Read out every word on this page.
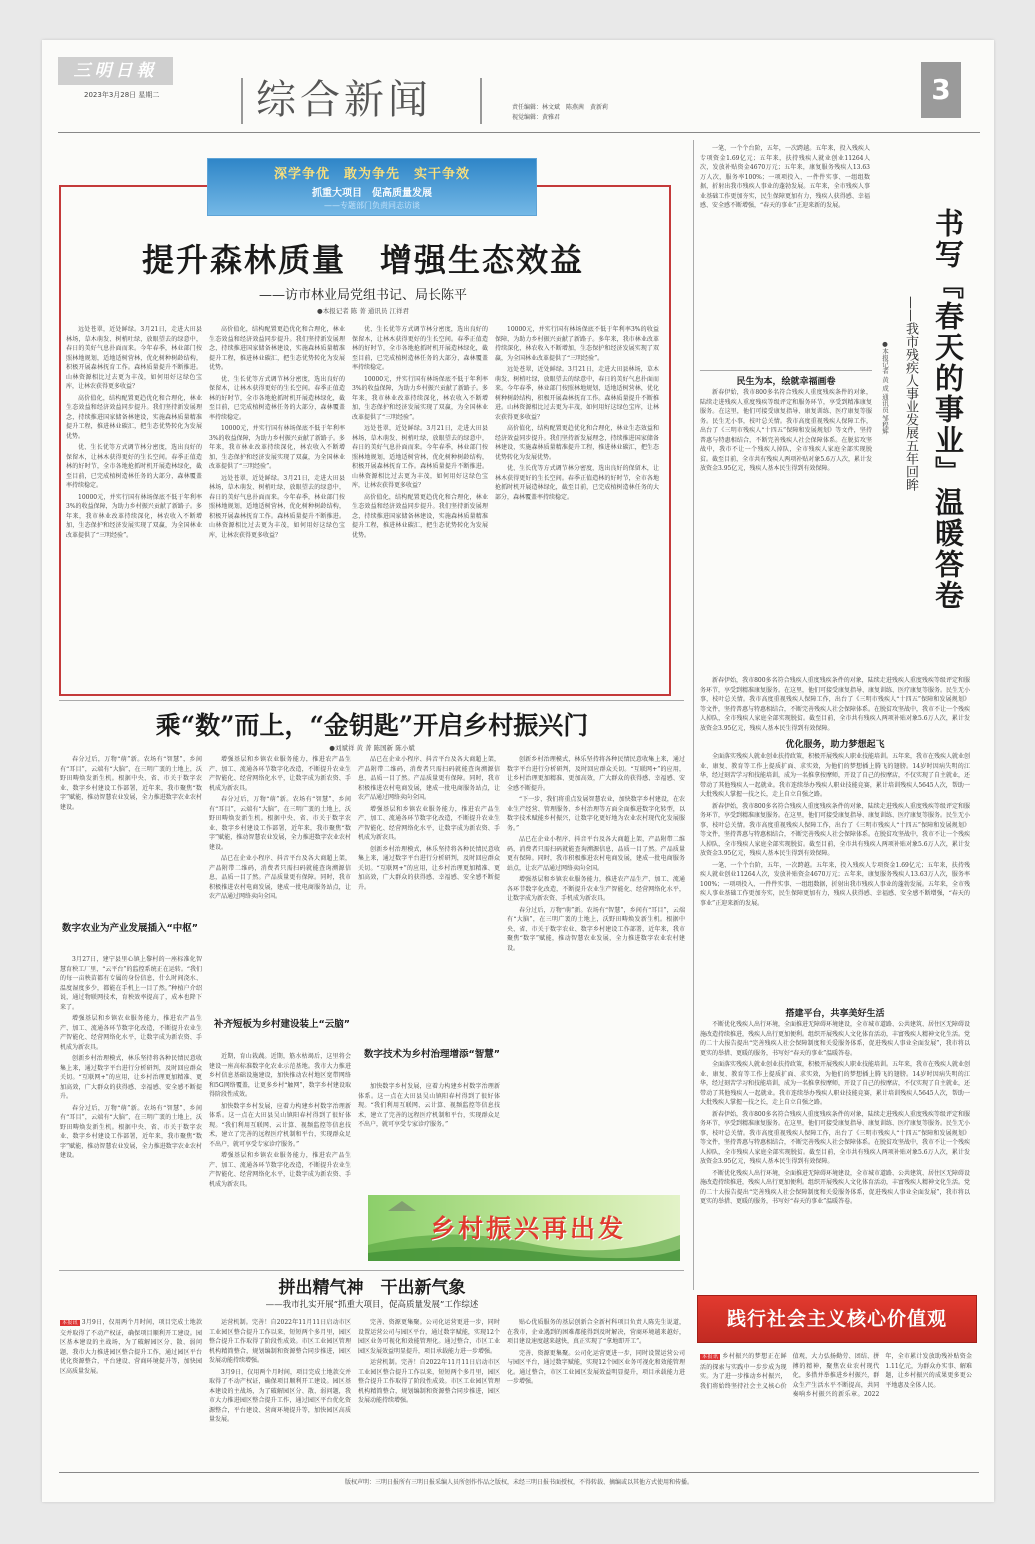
三明日報
2023年3月28日 星期二 综合新闻	责任编辑：林文斌　陈燕茜　黄新莉
视觉编辑：黄雅君
3
深学争优　敢为争先　实干争效
抓重大项目　促高质量发展
——专题部门负责同志访谈
提升森林质量　增强生态效益
——访市林业局党组书记、局长陈平
●本报记者 陈 菁 通讯员 江祥君

远处苍翠，近处鲜绿。3月21日，走进大田县林场，草木萌发、树梢吐绿，放眼望去的绿意中，春日的美好气息扑面而来。今年春季，林业部门按照林地规划，适地适树营林，优化树种树龄结构，积极开展森林抚育工作。森林质量提升不断推进。山林资源相比过去更为丰茂，如何用好这绿色宝库，让林农获得更多收益？

高价值化，结构配置更趋优化和合理化，林业生态效益和经济效益同步提升。我们坚持新发展理念，持续推进国家储备林建设，实施森林质量精准提升工程，推进林业碳汇，把生态优势转化为发展优势。

优、生长优等方式调节林分密度，选出良好的保留木，让林木获得更好的生长空间。春季正值造林的好时节，全市各地抢抓时机开展造林绿化，截至目前，已完成植树造林任务的大部分，森林覆盖率持续稳定。

10000元，并实行国有林场保底不低于年利率3%的收益保障，为助力乡村振兴贡献了新路子。多年来，我市林业改革持续深化，林农收入不断增加，生态保护和经济发展实现了双赢，为全国林业改革提供了“三明经验”。

高价值化，结构配置更趋优化和合理化，林业生态效益和经济效益同步提升。我们坚持新发展理念，持续推进国家储备林建设，实施森林质量精准提升工程，推进林业碳汇，把生态优势转化为发展优势。

优、生长优等方式调节林分密度，选出良好的保留木，让林木获得更好的生长空间。春季正值造林的好时节，全市各地抢抓时机开展造林绿化，截至目前，已完成植树造林任务的大部分，森林覆盖率持续稳定。

10000元，并实行国有林场保底不低于年利率3%的收益保障，为助力乡村振兴贡献了新路子。多年来，我市林业改革持续深化，林农收入不断增加，生态保护和经济发展实现了双赢，为全国林业改革提供了“三明经验”。

远处苍翠，近处鲜绿。3月21日，走进大田县林场，草木萌发、树梢吐绿，放眼望去的绿意中，春日的美好气息扑面而来。今年春季，林业部门按照林地规划，适地适树营林，优化树种树龄结构，积极开展森林抚育工作。森林质量提升不断推进。山林资源相比过去更为丰茂，如何用好这绿色宝库，让林农获得更多收益？

优、生长优等方式调节林分密度，选出良好的保留木，让林木获得更好的生长空间。春季正值造林的好时节，全市各地抢抓时机开展造林绿化，截至目前，已完成植树造林任务的大部分，森林覆盖率持续稳定。

10000元，并实行国有林场保底不低于年利率3%的收益保障，为助力乡村振兴贡献了新路子。多年来，我市林业改革持续深化，林农收入不断增加，生态保护和经济发展实现了双赢，为全国林业改革提供了“三明经验”。

远处苍翠，近处鲜绿。3月21日，走进大田县林场，草木萌发、树梢吐绿，放眼望去的绿意中，春日的美好气息扑面而来。今年春季，林业部门按照林地规划，适地适树营林，优化树种树龄结构，积极开展森林抚育工作。森林质量提升不断推进。山林资源相比过去更为丰茂，如何用好这绿色宝库，让林农获得更多收益？

高价值化，结构配置更趋优化和合理化，林业生态效益和经济效益同步提升。我们坚持新发展理念，持续推进国家储备林建设，实施森林质量精准提升工程，推进林业碳汇，把生态优势转化为发展优势。

10000元，并实行国有林场保底不低于年利率3%的收益保障，为助力乡村振兴贡献了新路子。多年来，我市林业改革持续深化，林农收入不断增加，生态保护和经济发展实现了双赢，为全国林业改革提供了“三明经验”。

远处苍翠，近处鲜绿。3月21日，走进大田县林场，草木萌发、树梢吐绿，放眼望去的绿意中，春日的美好气息扑面而来。今年春季，林业部门按照林地规划，适地适树营林，优化树种树龄结构，积极开展森林抚育工作。森林质量提升不断推进。山林资源相比过去更为丰茂，如何用好这绿色宝库，让林农获得更多收益？

高价值化，结构配置更趋优化和合理化，林业生态效益和经济效益同步提升。我们坚持新发展理念，持续推进国家储备林建设，实施森林质量精准提升工程，推进林业碳汇，把生态优势转化为发展优势。

优、生长优等方式调节林分密度，选出良好的保留木，让林木获得更好的生长空间。春季正值造林的好时节，全市各地抢抓时机开展造林绿化，截至目前，已完成植树造林任务的大部分，森林覆盖率持续稳定。

一笔、一个个台阶，五年，一次跨越。五年来，投入残疾人专项资金1.69亿元；五年来，扶持残疾人就业创业11264人次，发放补贴资金4670万元；五年来，康复服务残疾人13.63万人次，服务率100%；一项项投入、一件件实事、一组组数据，折射出我市残疾人事业的蓬勃发展。五年来，全市残疾人事业基础工作更加夯实，民生保障更加有力，残疾人获得感、幸福感、安全感不断增强，“春天的事业”正迎来新的发展。

书写『春天的事业』温暖答卷
——我市残疾人事业发展五年回眸
●本报记者 黄 成 通讯员 邹程辉
民生为本，绘就幸福画卷

新春伊始，我市800多名符合残疾人重度残疾条件的对象，陆续走进残疾人重度残疾等级评定和服务环节，享受到精准康复服务。在这里，他们可接受康复指导、康复训练、医疗康复等服务。民生无小事，枝叶总关情。我市高度重视残疾人保障工作，出台了《三明市残疾人“十四五”保障和发展规划》等文件，坚持普惠与特惠相结合，不断完善残疾人社会保障体系。在脱贫攻坚战中，我市不让一个残疾人掉队，全市残疾人家庭全部实现脱贫。截至目前，全市共有残疾人两项补贴对象5.6万人次，累计发放资金3.95亿元，残疾人基本民生得到有效保障。

新春伊始，我市800多名符合残疾人重度残疾条件的对象，陆续走进残疾人重度残疾等级评定和服务环节，享受到精准康复服务。在这里，他们可接受康复指导、康复训练、医疗康复等服务。民生无小事，枝叶总关情。我市高度重视残疾人保障工作，出台了《三明市残疾人“十四五”保障和发展规划》等文件，坚持普惠与特惠相结合，不断完善残疾人社会保障体系。在脱贫攻坚战中，我市不让一个残疾人掉队，全市残疾人家庭全部实现脱贫。截至目前，全市共有残疾人两项补贴对象5.6万人次，累计发放资金3.95亿元，残疾人基本民生得到有效保障。

优化服务，助力梦想起飞

全面落实残疾人就业创业扶持政策，积极开展残疾人职业技能培训。五年来，我市在残疾人就业创业、康复、教育等工作上提质扩面、求实效，为他们的梦想插上腾飞的翅膀。14岁时因病失明的江华，经过刻苦学习和技能培训，成为一名推拿按摩师，开设了自己的按摩店，不仅实现了自主就业，还带动了其他残疾人一起就业。我市连续举办残疾人职业技能竞赛，累计培训残疾人5645人次，帮助一大批残疾人掌握一技之长，走上自立自强之路。

新春伊始，我市800多名符合残疾人重度残疾条件的对象，陆续走进残疾人重度残疾等级评定和服务环节，享受到精准康复服务。在这里，他们可接受康复指导、康复训练、医疗康复等服务。民生无小事，枝叶总关情。我市高度重视残疾人保障工作，出台了《三明市残疾人“十四五”保障和发展规划》等文件，坚持普惠与特惠相结合，不断完善残疾人社会保障体系。在脱贫攻坚战中，我市不让一个残疾人掉队，全市残疾人家庭全部实现脱贫。截至目前，全市共有残疾人两项补贴对象5.6万人次，累计发放资金3.95亿元，残疾人基本民生得到有效保障。

一笔、一个个台阶，五年，一次跨越。五年来，投入残疾人专项资金1.69亿元；五年来，扶持残疾人就业创业11264人次，发放补贴资金4670万元；五年来，康复服务残疾人13.63万人次，服务率100%；一项项投入、一件件实事、一组组数据，折射出我市残疾人事业的蓬勃发展。五年来，全市残疾人事业基础工作更加夯实，民生保障更加有力，残疾人获得感、幸福感、安全感不断增强，“春天的事业”正迎来新的发展。

搭建平台，共享美好生活

不断优化残疾人出行环境，全面推进无障碍环境建设，全市城市道路、公共建筑、居住区无障碍设施改造持续推进，残疾人出行更加便利。组织开展残疾人文化体育活动，丰富残疾人精神文化生活。党的二十大报告提出“完善残疾人社会保障制度和关爱服务体系，促进残疾人事业全面发展”，我市将以更实的举措、更暖的服务，书写好“春天的事业”温暖答卷。

全面落实残疾人就业创业扶持政策，积极开展残疾人职业技能培训。五年来，我市在残疾人就业创业、康复、教育等工作上提质扩面、求实效，为他们的梦想插上腾飞的翅膀。14岁时因病失明的江华，经过刻苦学习和技能培训，成为一名推拿按摩师，开设了自己的按摩店，不仅实现了自主就业，还带动了其他残疾人一起就业。我市连续举办残疾人职业技能竞赛，累计培训残疾人5645人次，帮助一大批残疾人掌握一技之长，走上自立自强之路。

新春伊始，我市800多名符合残疾人重度残疾条件的对象，陆续走进残疾人重度残疾等级评定和服务环节，享受到精准康复服务。在这里，他们可接受康复指导、康复训练、医疗康复等服务。民生无小事，枝叶总关情。我市高度重视残疾人保障工作，出台了《三明市残疾人“十四五”保障和发展规划》等文件，坚持普惠与特惠相结合，不断完善残疾人社会保障体系。在脱贫攻坚战中，我市不让一个残疾人掉队，全市残疾人家庭全部实现脱贫。截至目前，全市共有残疾人两项补贴对象5.6万人次，累计发放资金3.95亿元，残疾人基本民生得到有效保障。

不断优化残疾人出行环境，全面推进无障碍环境建设，全市城市道路、公共建筑、居住区无障碍设施改造持续推进，残疾人出行更加便利。组织开展残疾人文化体育活动，丰富残疾人精神文化生活。党的二十大报告提出“完善残疾人社会保障制度和关爱服务体系，促进残疾人事业全面发展”，我市将以更实的举措、更暖的服务，书写好“春天的事业”温暖答卷。

乘“数”而上，“金钥匙”开启乡村振兴门
●刘斌祥 黄 菁 陈国新 陈小斌

春分过后，万物“萌”新。农场有“智慧”，乡间有“耳目”，云端有“大脑”，在三明广袤的土地上，沃野田畴焕发新生机。根据中央、省、市关于数字农业、数字乡村建设工作部署，近年来，我市聚焦“数字”赋能，推动智慧农业发展，全力推进数字农业农村建设。

数字农业为产业发展插入“中枢”

3月27日，建宁县里心镇上黎村的一座标准化智慧育秧工厂里，“云平台”的监控系统正在运转。“我们的每一亩秧苗都有专属的身份信息，什么时间浇水、温度湿度多少，都能在手机上一目了然。”种植户介绍说，通过物联网技术，育秧效率提高了，成本也降下来了。

增强基层和乡镇农业服务能力，推进农产品生产、加工、流通各环节数字化改造，不断提升农业生产智能化、经营网络化水平，让数字成为新农资、手机成为新农具。

创新乡村治理模式，林乐坚持将各种民情民意收集上来，通过数字平台进行分析研判，及时回应群众关切。“互联网+”的应用，让乡村治理更加精准、更加高效，广大群众的获得感、幸福感、安全感不断提升。

春分过后，万物“萌”新。农场有“智慧”，乡间有“耳目”，云端有“大脑”，在三明广袤的土地上，沃野田畴焕发新生机。根据中央、省、市关于数字农业、数字乡村建设工作部署，近年来，我市聚焦“数字”赋能，推动智慧农业发展，全力推进数字农业农村建设。

增强基层和乡镇农业服务能力，推进农产品生产、加工、流通各环节数字化改造，不断提升农业生产智能化、经营网络化水平，让数字成为新农资、手机成为新农具。

春分过后，万物“萌”新。农场有“智慧”，乡间有“耳目”，云端有“大脑”，在三明广袤的土地上，沃野田畴焕发新生机。根据中央、省、市关于数字农业、数字乡村建设工作部署，近年来，我市聚焦“数字”赋能，推动智慧农业发展，全力推进数字农业农村建设。

品已在企业小程序、抖音平台及各大商超上架，产品附带二维码，消费者只需扫码就能查询溯源信息，品质一目了然。产品质量更有保障。同时，我市积极推进农村电商发展，建成一批电商服务站点，让农产品通过网络卖向全国。

补齐短板为乡村建设装上“云脑”

近期，育山栽蔬。近期，筋水枯竭后，这里将会建设一座高标准数字化农业示范基地。我市大力推进乡村信息基础设施建设，加快推动农村地区宽带网络和5G网络覆盖，让更多乡村“触网”，数字乡村建设取得阶段性成效。

加快数字乡村发展，应着力构建乡村数字治理新体系。这一点在大田县吴山镇阳春村得到了很好体现。“我们利用互联网、云计算、视频监控等信息技术，建立了完善的远程医疗机制和平台，实现群众足不出户，就可享受专家诊疗服务。”

增强基层和乡镇农业服务能力，推进农产品生产、加工、流通各环节数字化改造，不断提升农业生产智能化、经营网络化水平，让数字成为新农资、手机成为新农具。

品已在企业小程序、抖音平台及各大商超上架，产品附带二维码，消费者只需扫码就能查询溯源信息，品质一目了然。产品质量更有保障。同时，我市积极推进农村电商发展，建成一批电商服务站点，让农产品通过网络卖向全国。

增强基层和乡镇农业服务能力，推进农产品生产、加工、流通各环节数字化改造，不断提升农业生产智能化、经营网络化水平，让数字成为新农资、手机成为新农具。

创新乡村治理模式，林乐坚持将各种民情民意收集上来，通过数字平台进行分析研判，及时回应群众关切。“互联网+”的应用，让乡村治理更加精准、更加高效，广大群众的获得感、幸福感、安全感不断提升。

数字技术为乡村治理增添“智慧”

加快数字乡村发展，应着力构建乡村数字治理新体系。这一点在大田县吴山镇阳春村得到了很好体现。“我们利用互联网、云计算、视频监控等信息技术，建立了完善的远程医疗机制和平台，实现群众足不出户，就可享受专家诊疗服务。”

创新乡村治理模式，林乐坚持将各种民情民意收集上来，通过数字平台进行分析研判，及时回应群众关切。“互联网+”的应用，让乡村治理更加精准、更加高效，广大群众的获得感、幸福感、安全感不断提升。

“下一步，我们将重点发展智慧农业，加快数字乡村建设，在农业生产经营、管理服务、乡村治理等方面全面推进数字化转型，以数字技术赋能乡村振兴，让数字化更好地为农业农村现代化发展服务。”

品已在企业小程序、抖音平台及各大商超上架，产品附带二维码，消费者只需扫码就能查询溯源信息，品质一目了然。产品质量更有保障。同时，我市积极推进农村电商发展，建成一批电商服务站点，让农产品通过网络卖向全国。

增强基层和乡镇农业服务能力，推进农产品生产、加工、流通各环节数字化改造，不断提升农业生产智能化、经营网络化水平，让数字成为新农资、手机成为新农具。

春分过后，万物“萌”新。农场有“智慧”，乡间有“耳目”，云端有“大脑”，在三明广袤的土地上，沃野田畴焕发新生机。根据中央、省、市关于数字农业、数字乡村建设工作部署，近年来，我市聚焦“数字”赋能，推动智慧农业发展，全力推进数字农业农村建设。

乡村振兴再出发
拼出精气神　干出新气象
——我市扎实开展“抓重大项目，促高质量发展”工作综述
本报讯 3月9日，仅用两个月时间，项目完成土地款交并取得了不动产权证，确保项目顺利开工建设。园区基本建设的主战场，为了破解园区分、散、弱问题，我市大力推进园区整合提升工作，通过园区平台优化资源整合，平台建设、营商环境提升等，加快园区高质量发展。

运营机制。完善！自2022年11月11日启动市区工业园区整合提升工作以来，短短两个多月里，园区整合提升工作取得了阶段性成效。市区工业园区管理机构精简整合，规划编制和资源整合同步推进，园区发展动能持续增强。

3月9日，仅用两个月时间，项目完成土地款交并取得了不动产权证，确保项目顺利开工建设。园区基本建设的主战场，为了破解园区分、散、弱问题，我市大力推进园区整合提升工作，通过园区平台优化资源整合，平台建设、营商环境提升等，加快园区高质量发展。

完善、资源更集聚。公司化运营更进一步，同时设置运营公司与园区平台，通过数字赋能，实现12个园区业务可视化和效能管理化。通过整合，市区工业园区发展效益明显提升，项目承载能力进一步增强。

运营机制。完善！自2022年11月11日启动市区工业园区整合提升工作以来，短短两个多月里，园区整合提升工作取得了阶段性成效。市区工业园区管理机构精简整合，规划编制和资源整合同步推进，园区发展动能持续增强。

贴心优质服务的基层创新合全新村科项目负责人陈先生说道，在我市，企业遇到的困难都能得到及时解决，营商环境越来越好，项目建设速度越来越快，真正实现了“拿地即开工”。

完善、资源更集聚。公司化运营更进一步，同时设置运营公司与园区平台，通过数字赋能，实现12个园区业务可视化和效能管理化。通过整合，市区工业园区发展效益明显提升，项目承载能力进一步增强。

践行社会主义核心价值观
本报讯 乡村振兴的梦想正在鲜活的探索与实践中一步步成为现实。为了进一步推动乡村振兴，我们将始终坚持社会主义核心价值观，大力弘扬勤劳、团结、拼搏的精神，聚焦农业农村现代化，多措并举推进乡村振兴，群众生产生活水平不断提高，共同奏响乡村振兴的新乐章。2022年，全市累计发放助残补贴资金1.11亿元，为群众办实事、解难题，让乡村振兴的成果更多更公平地惠及全体人民。
版权声明：三明日报所有三明日报采编人员所创作作品之版权，未经三明日报书面授权，不得转载、摘编或以其他方式使用和传播。
